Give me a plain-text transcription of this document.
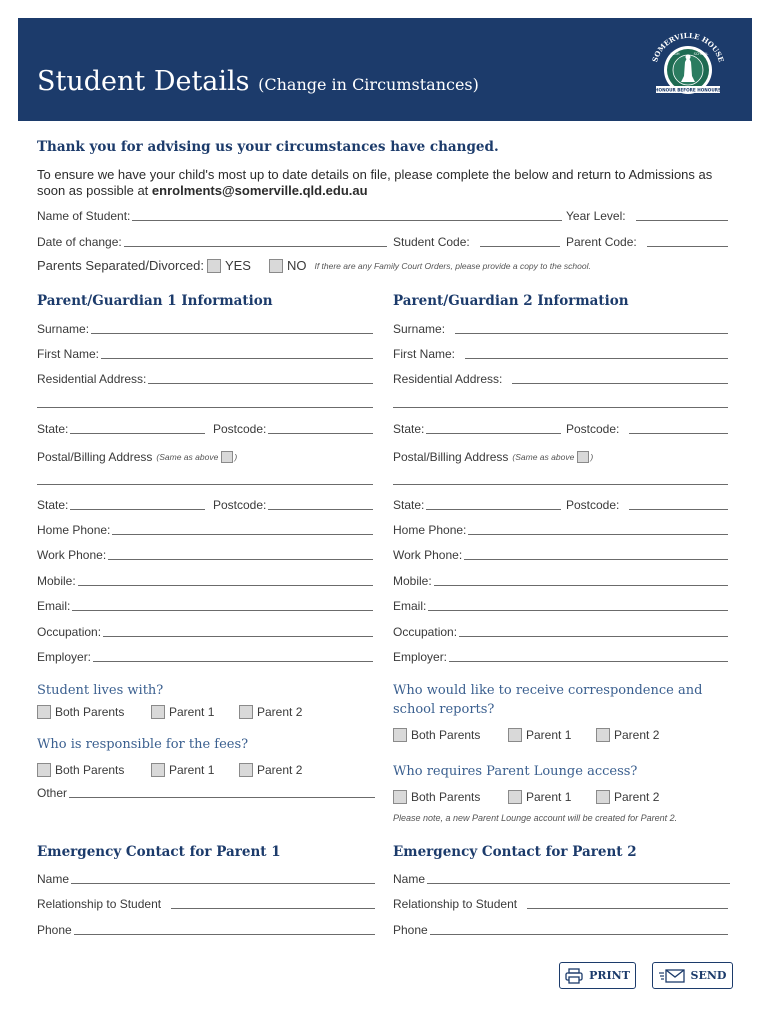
Student Details (Change in Circumstances)
SOMERVILLE HOUSE
HONOUR BEFORE HONOURS
HIGH	SCHOOL
Thank you for advising us your circumstances have changed.
To ensure we have your child's most up to date details on file, please complete the below and return to Admissions as soon as possible at enrolments@somerville.qld.edu.au
Name of Student:	Year Level:
Date of change:	Student Code:	Parent Code:
Parents Separated/Divorced: YES	NO If there are any Family Court Orders, please provide a copy to the school.
Parent/Guardian 1 Information	Parent/Guardian 2 Information
Surname:
First Name:
Residential Address:
State:	Postcode:
Postal/Billing Address (Same as above )
State:	Postcode:
Home Phone:
Work Phone:
Mobile:
Email:
Occupation:
Employer:
Surname:
First Name:
Residential Address:
State:	Postcode:
Postal/Billing Address (Same as above )
State:	Postcode:
Home Phone:
Work Phone:
Mobile:
Email:
Occupation:
Employer:
Student lives with?
Both Parents	Parent 1	Parent 2
Who is responsible for the fees?
Both Parents	Parent 1	Parent 2
Other
Who would like to receive correspondence and
school reports?
Both Parents	Parent 1	Parent 2
Who requires Parent Lounge access?
Both Parents	Parent 1	Parent 2
Please note, a new Parent Lounge account will be created for Parent 2.
Emergency Contact for Parent 1	Emergency Contact for Parent 2
Name
Relationship to Student
Phone
Name
Relationship to Student
Phone
PRINT	SEND
